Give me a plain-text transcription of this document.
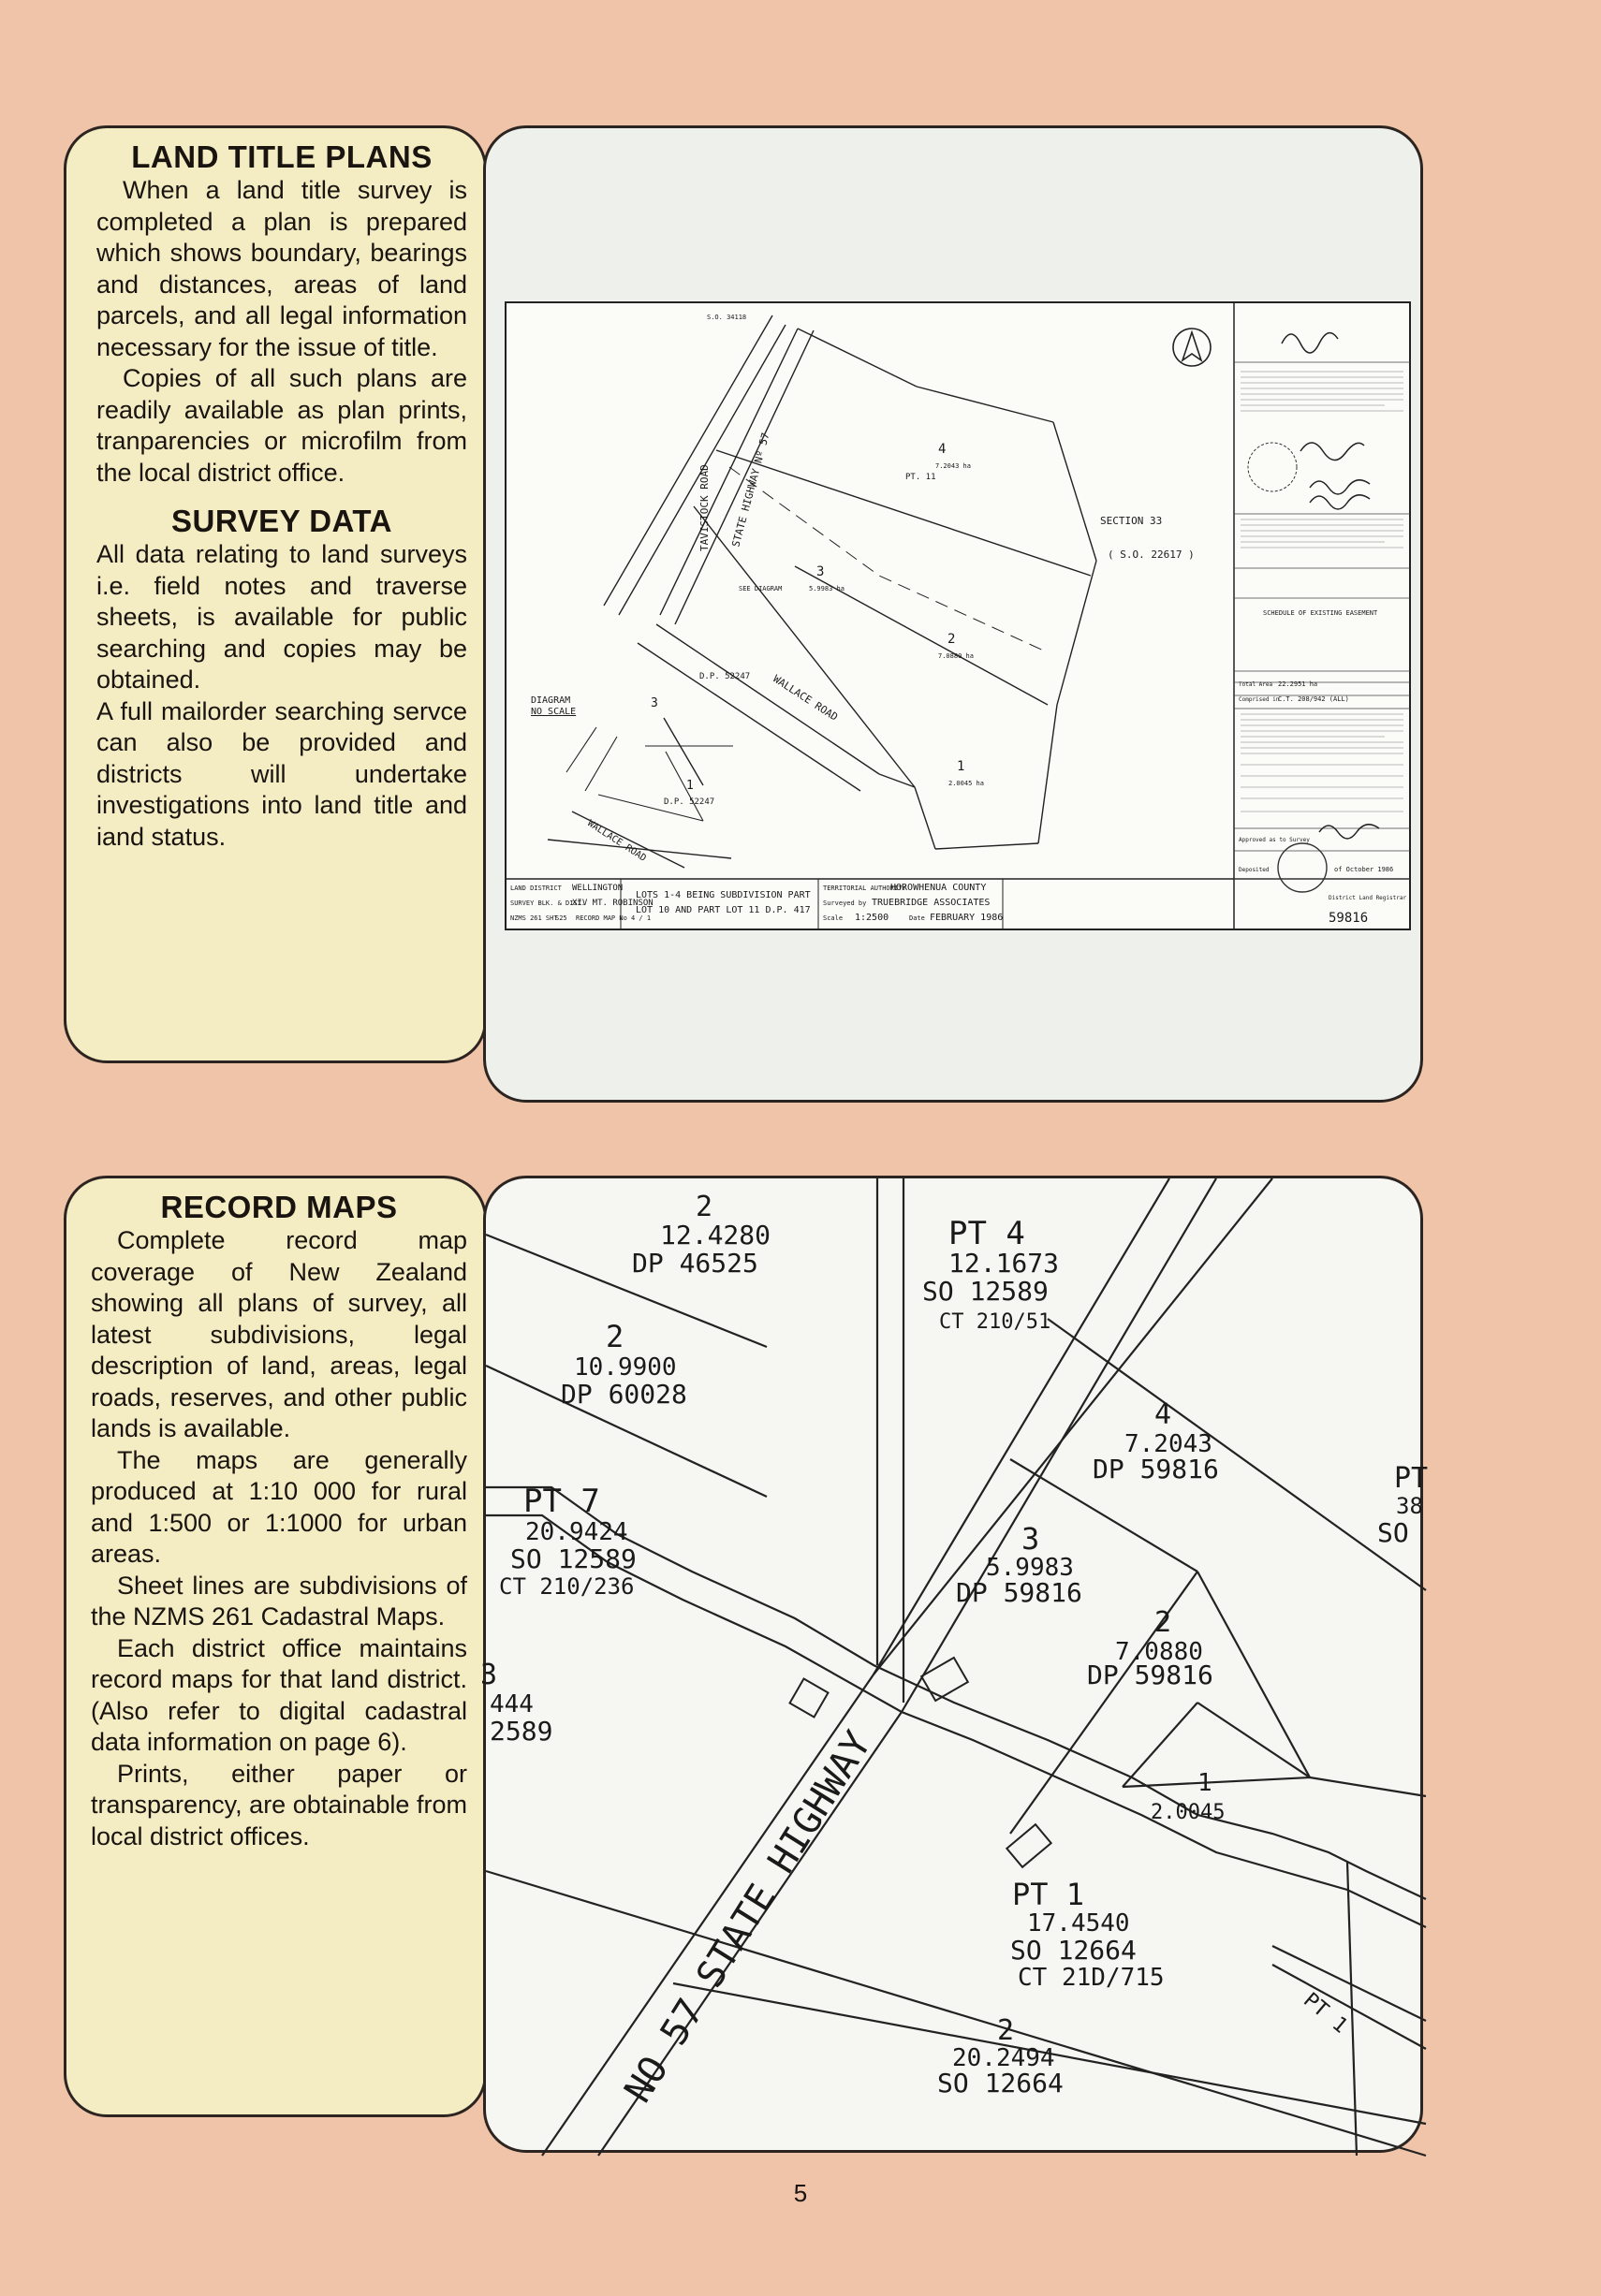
LAND TITLE PLANS

When a land title survey is completed a plan is prepared which shows boundary, bearings and distances, areas of land parcels, and all legal information necessary for the issue of title.

Copies of all such plans are readily available as plan prints, tranparencies or microfilm from the local district office.

SURVEY DATA

All data relating to land surveys i.e. field notes and traverse sheets, is available for public searching and copies may be obtained.

A full mailorder searching servce can also be provided and districts will undertake investigations into land title and iand status.

S.O. 34118
SECTION 33
( S.O. 22617 )
TAVISTOCK ROAD STATE HIGHWAY Nº 57
WALLACE ROAD
4
7.2043 ha
PT. 11
3
5.9983 ha
2
7.0880 ha
1
2.0045 ha
D.P. 52247
SEE DIAGRAM
DIAGRAM
NO SCALE
3
1
D.P. 52247
WALLACE ROAD
LAND DISTRICT WELLINGTON
SURVEY BLK. & DIST.
XIV MT. ROBINSON
NZMS 261 SHT
S25 RECORD MAP No 4 / 1
LOTS 1-4 BEING SUBDIVISION PART
LOT 10 AND PART LOT 11 D.P. 417
TERRITORIAL AUTHORITY
HOROWHENUA COUNTY
Surveyed by TRUEBRIDGE ASSOCIATES
Scale 1:2500	Date FEBRUARY 1986	59816
Total Area 22.2951 ha
Comprised in
C.T. 208/942 (ALL)
SCHEDULE OF EXISTING EASEMENT
Approved as to Survey
Deposited	of October 1986
District Land Registrar
RECORD MAPS

Complete record map coverage of New Zealand showing all plans of survey, all latest subdivisions, legal description of land, areas, legal roads, reserves, and other public lands is available.

The maps are generally produced at 1:10 000 for rural and 1:500 or 1:1000 for urban areas.

Sheet lines are subdivisions of the NZMS 261 Cadastral Maps.

Each district office maintains record maps for that land district. (Also refer to digital cadastral data information on page 6).

Prints, either paper or transparency, are obtainable from local district offices.

2
12.4280
DP 46525
PT 4
12.1673
SO 12589
CT 210/51
2
10.9900
DP 60028
4
7.2043
DP 59816
PT 7
20.9424
SO 12589
CT 210/236
3
5.9983
DP 59816
2
7.0880
DP 59816
PT
38
SO
3
444
2589
1
2.0045
PT 1
17.4540
SO 12664
CT 21D/715
2
20.2494
SO 12664
NO 57 STATE HIGHWAY	PT 1
5
